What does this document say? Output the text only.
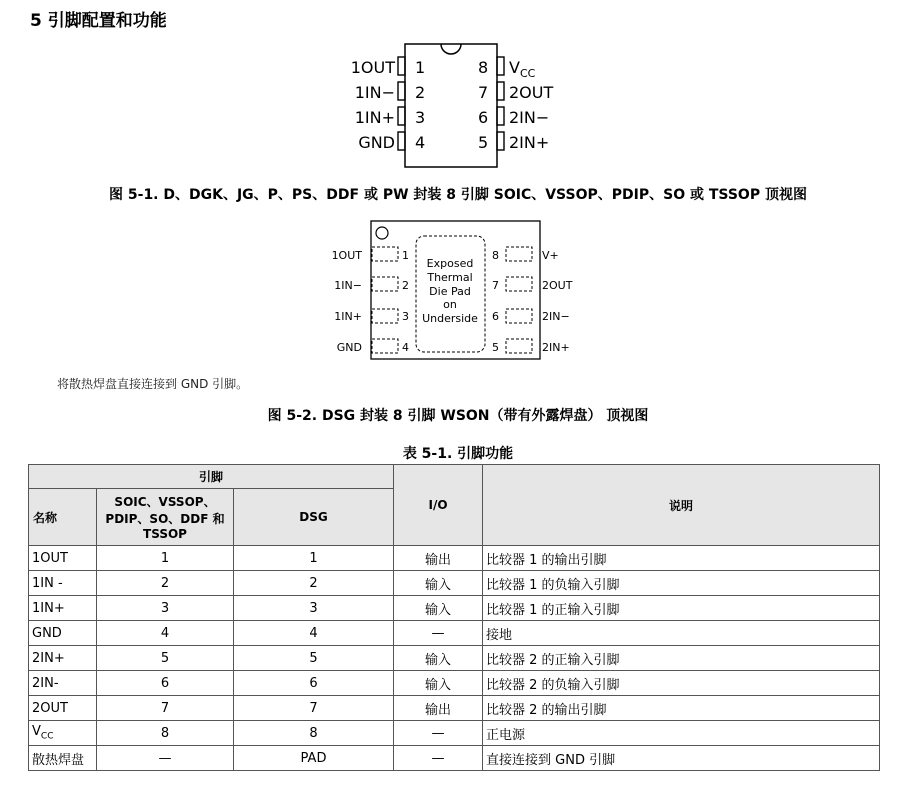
5 引脚配置和功能
1OUT
1IN−
1IN+
GND
1
2
3
4
8
7
6
5
$V_{CC}$
2OUT
2IN−
2IN+

图 5-1. D、DGK、JG、P、PS、DDF 或 PW 封装 8 引脚 SOIC、VSSOP、PDIP、SO 或 TSSOP 顶视图

1OUT
1IN−
1IN+
GND
1
2
3
4
8
7
6
5
V+
2OUT
2IN−
2IN+
Exposed
Thermal
Die Pad
on
Underside

将散热焊盘直接连接到 GND 引脚。

图 5-2. DSG 封装 8 引脚 WSON（带有外露焊盘） 顶视图

表 5-1. 引脚功能

引脚			I/O	说明
名称	SOIC、VSSOP、
PDIP、SO、DDF 和
TSSOP	DSG		
1OUT	1	1	输出	比较器 1 的输出引脚
1IN -	2	2	输入	比较器 1 的负输入引脚
1IN+	3	3	输入	比较器 1 的正输入引脚
GND	4	4	—	接地
2IN+	5	5	输入	比较器 2 的正输入引脚
2IN-	6	6	输入	比较器 2 的负输入引脚
2OUT	7	7	输出	比较器 2 的输出引脚
$V_{CC}$	8	8	—	正电源
散热焊盘	—	PAD	—	直接连接到 GND 引脚
